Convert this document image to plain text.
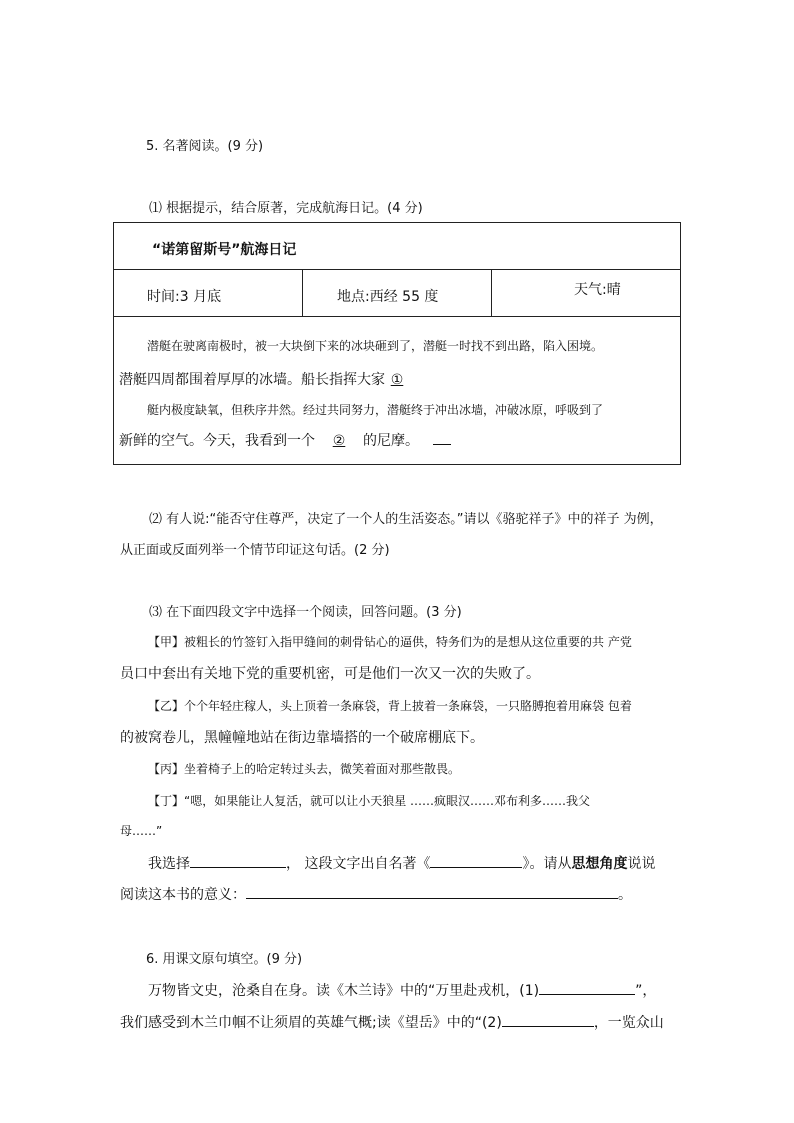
5. 名著阅读。(9 分)
⑴ 根据提示，结合原著，完成航海日记。(4 分)
“诺第留斯号”航海日记
时间:3 月底	地点:西经 55 度	天气:晴
潜艇在驶离南极时，被一大块倒下来的冰块砸到了，潜艇一时找不到出路，陷入困境。
潜艇四周都围着厚厚的冰墙。船长指挥大家 ①
艇内极度缺氧，但秩序井然。经过共同努力，潜艇终于冲出冰墙，冲破冰原，呼吸到了
新鲜的空气。今天，我看到一个 ② 的尼摩。
⑵ 有人说:“能否守住尊严，决定了一个人的生活姿态。”请以《骆驼祥子》中的祥子 为例，
从正面或反面列举一个情节印证这句话。(2 分)
⑶ 在下面四段文字中选择一个阅读，回答问题。(3 分)
【甲】被粗长的竹签钉入指甲缝间的刺骨钻心的逼供，特务们为的是想从这位重要的共 产党
员口中套出有关地下党的重要机密，可是他们一次又一次的失败了。
【乙】个个年轻庄稼人，头上顶着一条麻袋，背上披着一条麻袋，一只胳膊抱着用麻袋 包着
的被窝卷儿，黑幢幢地站在街边靠墙搭的一个破席棚底下。
【丙】坐着椅子上的哈定转过头去，微笑着面对那些散畏。
【丁】“嗯，如果能让人复活，就可以让小天狼星 ……疯眼汉……邓布利多……我父
母……”
我选择	， 这段文字出自名著《	》。请从思想角度说说
阅读这本书的意义：	。
6. 用课文原句填空。(9 分)
万物皆文史，沧桑自在身。读《木兰诗》中的“万里赴戎机，(1)	”，
我们感受到木兰巾帼不让须眉的英雄气概;读《望岳》中的“(2)	，一览众山
